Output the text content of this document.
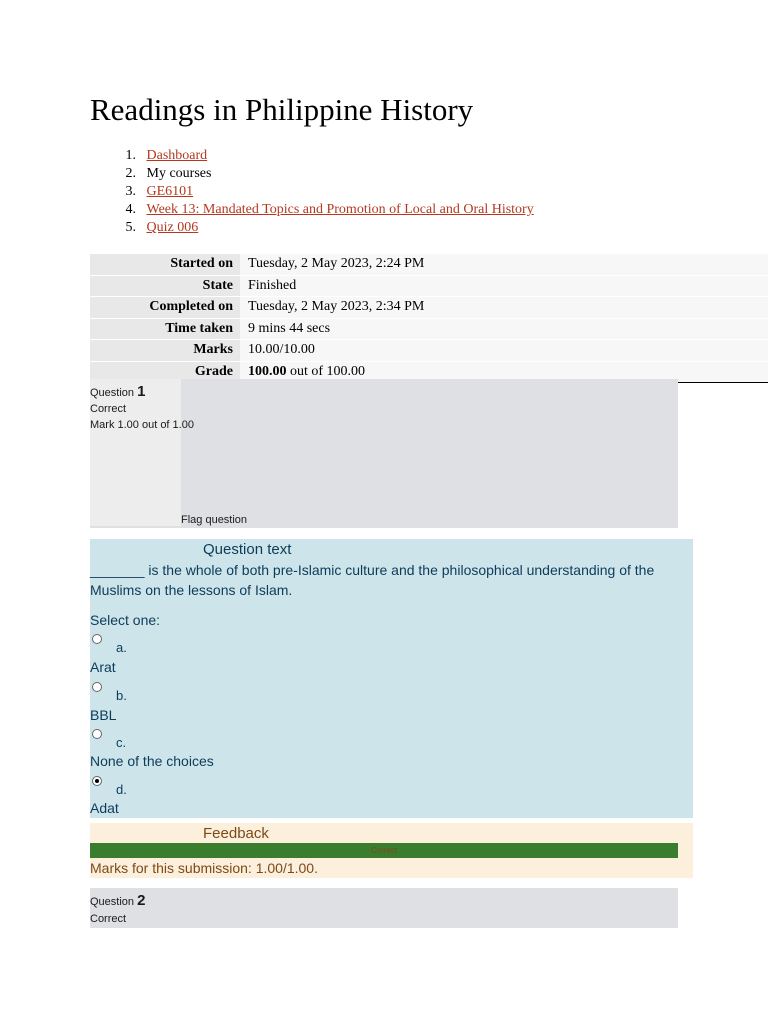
Readings in Philippine History
1.
Dashboard
2.
My courses
3.
GE6101
4.
Week 13: Mandated Topics and Promotion of Local and Oral History
5.
Quiz 006
Started on	Tuesday, 2 May 2023, 2:24 PM
State	Finished
Completed on	Tuesday, 2 May 2023, 2:34 PM
Time taken	9 mins 44 secs
Marks	10.00/10.00
Grade	100.00 out of 100.00
Question 1
Correct
Mark 1.00 out of 1.00
Flag question
Question text
_______ is the whole of both pre-Islamic culture and the philosophical understanding of the Muslims on the lessons of Islam.
Select one:
a.
Arat
b.
BBL
c.
None of the choices
d.
Adat
Feedback
Correct
Marks for this submission: 1.00/1.00.
Question 2
Correct
